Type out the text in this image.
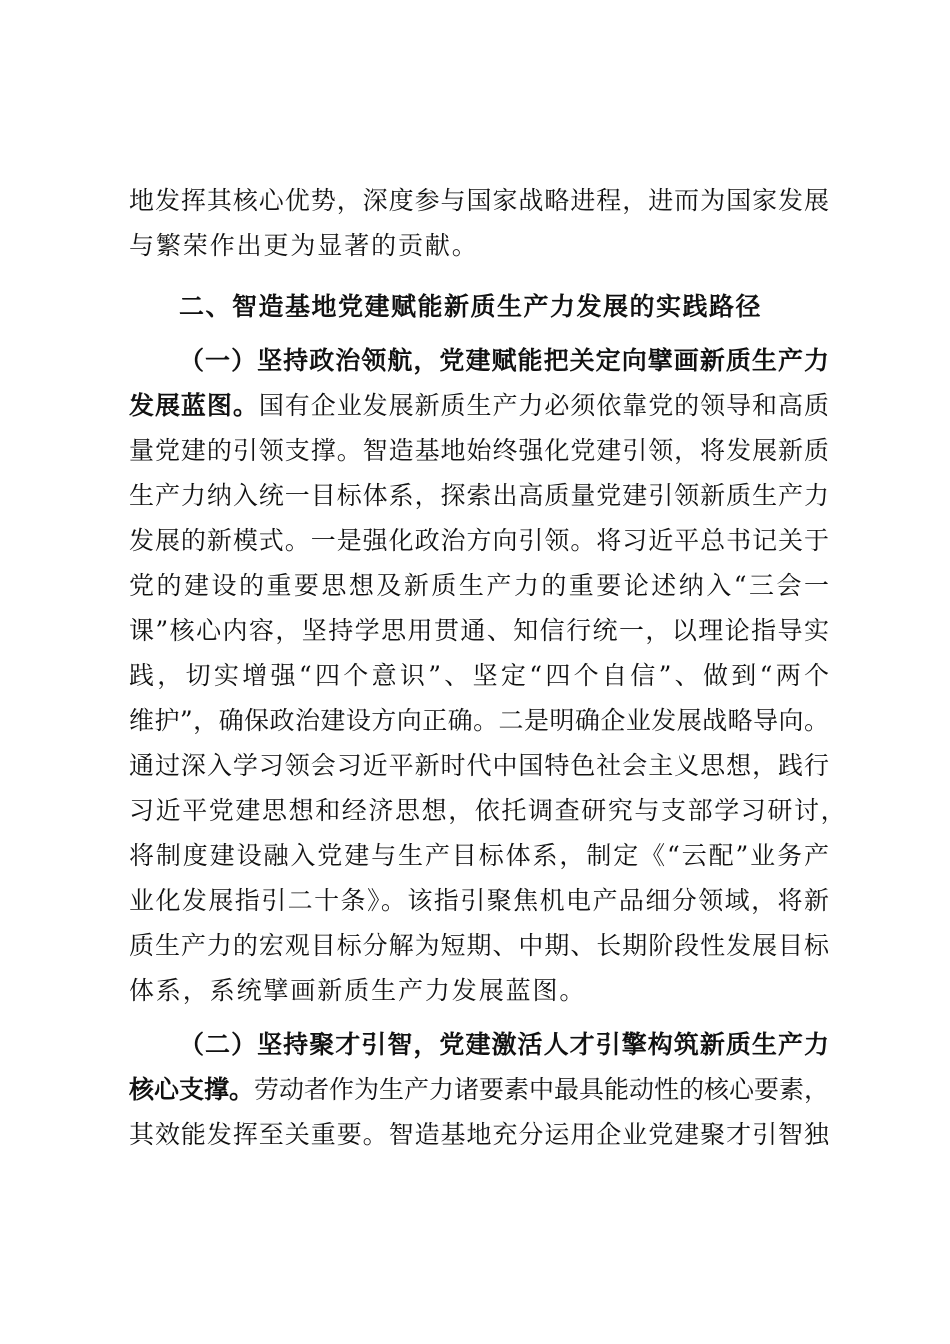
地发挥其核心优势，深度参与国家战略进程，进而为国家发展
与繁荣作出更为显著的贡献。
二、智造基地党建赋能新质生产力发展的实践路径
（一）坚持政治领航，党建赋能把关定向擘画新质生产力
发展蓝图。国有企业发展新质生产力必须依靠党的领导和高质
量党建的引领支撑。智造基地始终强化党建引领，将发展新质
生产力纳入统一目标体系，探索出高质量党建引领新质生产力
发展的新模式。一是强化政治方向引领。将习近平总书记关于
党的建设的重要思想及新质生产力的重要论述纳入“三会一
课”核心内容，坚持学思用贯通、知信行统一，以理论指导实
践，切实增强“四个意识”、坚定“四个自信”、做到“两个
维护”，确保政治建设方向正确。二是明确企业发展战略导向。
通过深入学习领会习近平新时代中国特色社会主义思想，践行
习近平党建思想和经济思想，依托调查研究与支部学习研讨，
将制度建设融入党建与生产目标体系，制定《“云配”业务产
业化发展指引二十条》。该指引聚焦机电产品细分领域，将新
质生产力的宏观目标分解为短期、中期、长期阶段性发展目标
体系，系统擘画新质生产力发展蓝图。
（二）坚持聚才引智，党建激活人才引擎构筑新质生产力
核心支撑。劳动者作为生产力诸要素中最具能动性的核心要素，
其效能发挥至关重要。智造基地充分运用企业党建聚才引智独
